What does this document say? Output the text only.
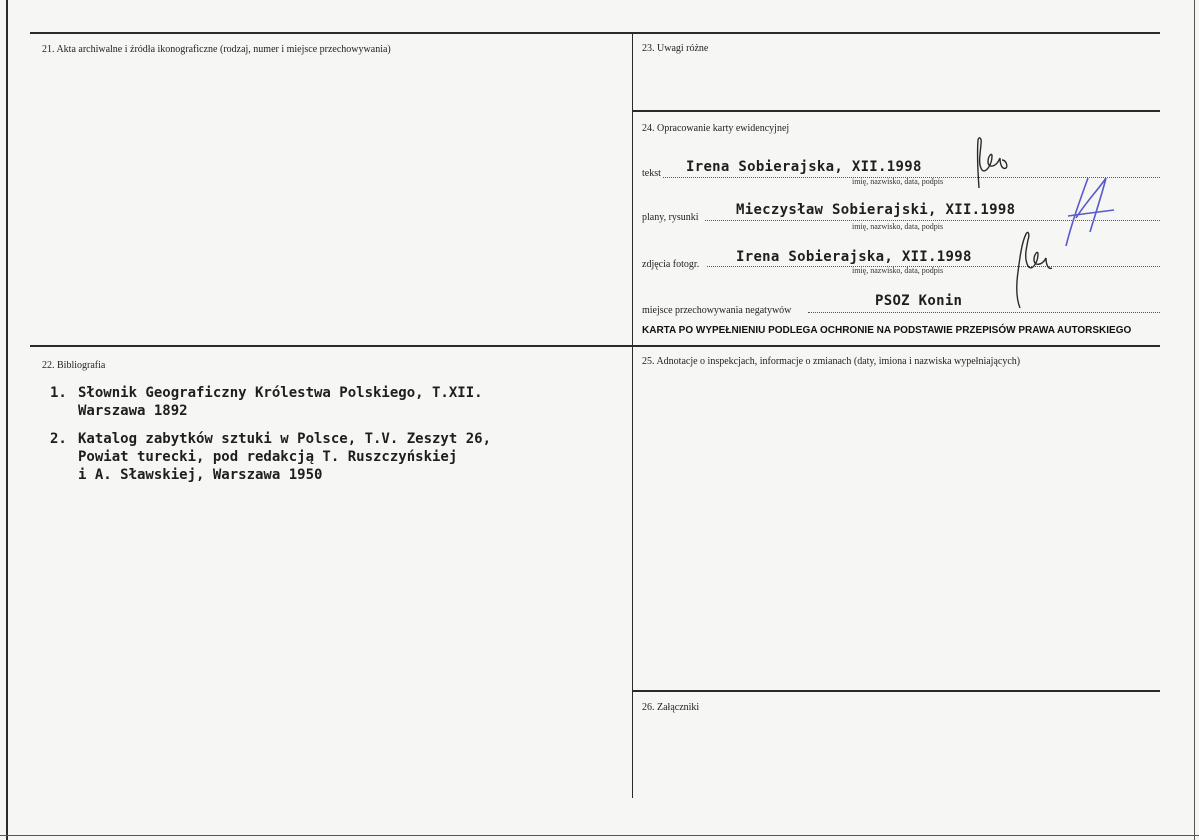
21. Akta archiwalne i źródła ikonograficzne (rodzaj, numer i miejsce przechowywania)	23. Uwagi różne
24. Opracowanie karty ewidencyjnej
22. Bibliografia	25. Adnotacje o inspekcjach, informacje o zmianach (daty, imiona i nazwiska wypełniających)
26. Załączniki
tekst Irena Sobierajska, XII.1998
imię, nazwisko, data, podpis
plany, rysunki	Mieczysław Sobierajski, XII.1998
imię, nazwisko, data, podpis
zdjęcia fotogr.	Irena Sobierajska, XII.1998
imię, nazwisko, data, podpis
miejsce przechowywania negatywów
PSOZ Konin
KARTA PO WYPEŁNIENIU PODLEGA OCHRONIE NA PODSTAWIE PRZEPISÓW PRAWA AUTORSKIEGO
1. Słownik Geograficzny Królestwa Polskiego, T.XII.
Warszawa 1892
2. Katalog zabytków sztuki w Polsce, T.V. Zeszyt 26,
Powiat turecki, pod redakcją T. Ruszczyńskiej
i A. Sławskiej, Warszawa 1950
